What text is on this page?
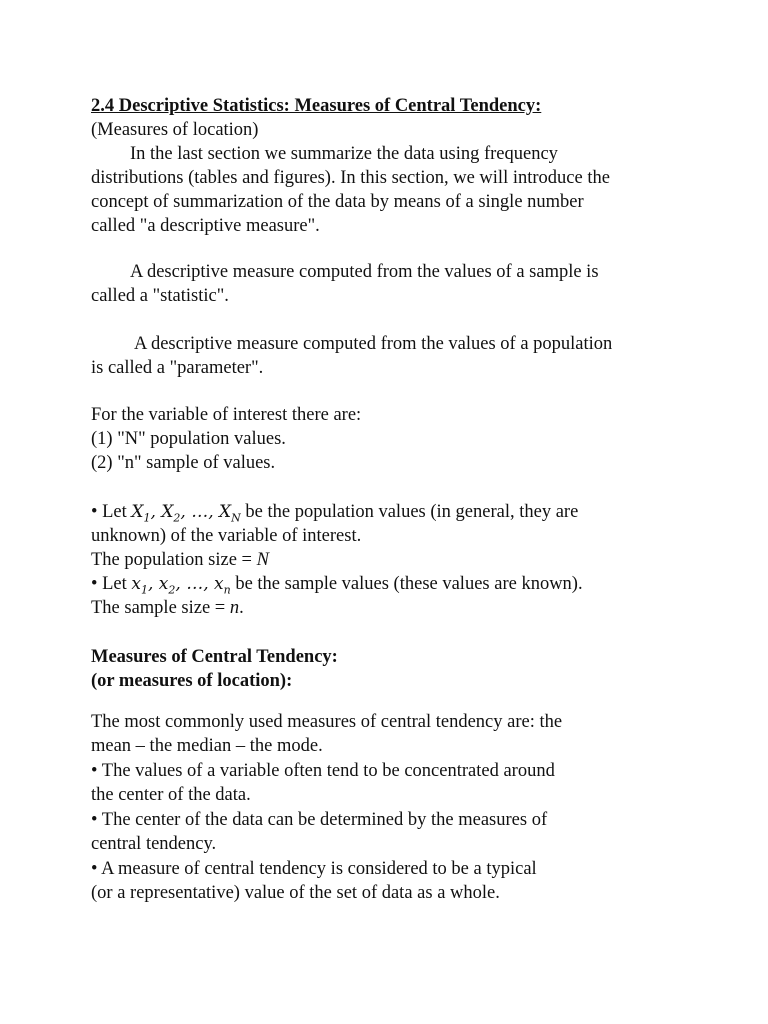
2.4 Descriptive Statistics: Measures of Central Tendency:
(Measures of location)
In the last section we summarize the data using frequency
distributions (tables and figures). In this section, we will introduce the
concept of summarization of the data by means of a single number
called "a descriptive measure".
A descriptive measure computed from the values of a sample is
called a "statistic".
A descriptive measure computed from the values of a population
is called a "parameter".
For the variable of interest there are:
(1) "N" population values.
(2) "n" sample of values.
• Let $X_1$, $X_2$, …, $X_N$ be the population values (in general, they are
unknown) of the variable of interest.
The population size = N
• Let $x_1$, $x_2$, …, $x_n$ be the sample values (these values are known).
The sample size = n.
Measures of Central Tendency:
(or measures of location):
The most commonly used measures of central tendency are: the
mean – the median – the mode.
• The values of a variable often tend to be concentrated around
the center of the data.
• The center of the data can be determined by the measures of
central tendency.
• A measure of central tendency is considered to be a typical
(or a representative) value of the set of data as a whole.
